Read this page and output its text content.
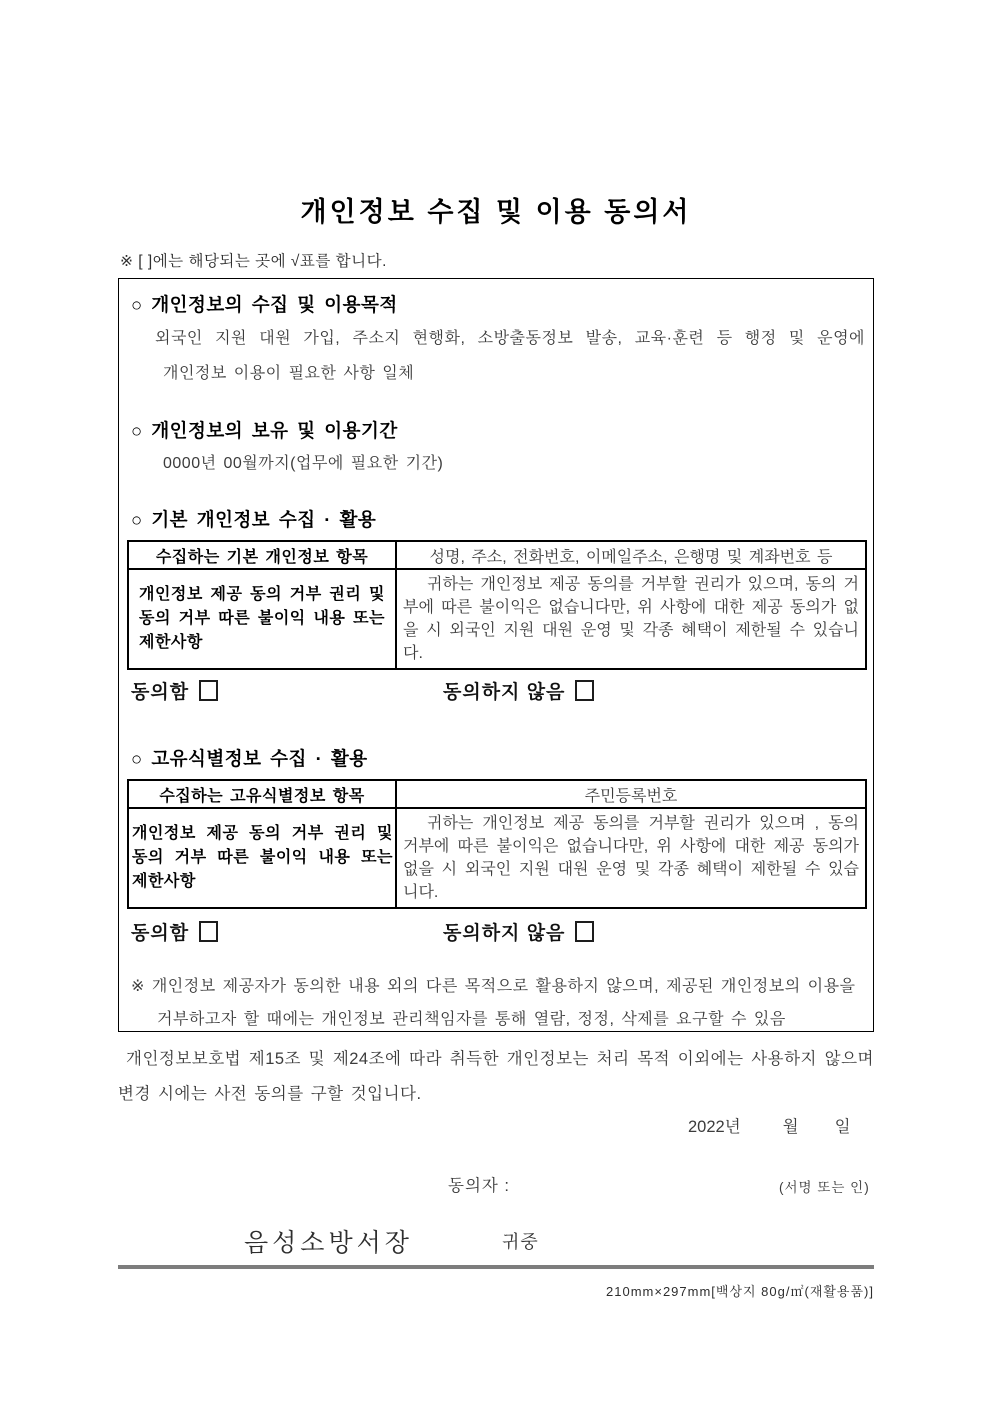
개인정보 수집 및 이용 동의서
※ [ ]에는 해당되는 곳에 √표를 합니다.
○ 개인정보의 수집 및 이용목적
외국인 지원 대원 가입, 주소지 현행화, 소방출동정보 발송, 교육·훈련 등 행정 및 운영에
개인정보 이용이 필요한 사항 일체
○ 개인정보의 보유 및 이용기간
0000년 00월까지(업무에 필요한 기간)
○ 기본 개인정보 수집 · 활용
수집하는 기본 개인정보 항목	성명, 주소, 전화번호, 이메일주소, 은행명 및 계좌번호 등
개인정보 제공 동의 거부 권리 및 동의 거부 따른 불이익 내용 또는 제한사항	귀하는 개인정보 제공 동의를 거부할 권리가 있으며, 동의 거부에 따른 불이익은 없습니다만, 위 사항에 대한 제공 동의가 없을 시 외국인 지원 대원 운영 및 각종 혜택이 제한될 수 있습니다.
동의함	동의하지 않음
○ 고유식별정보 수집 · 활용
수집하는 고유식별정보 항목	주민등록번호
개인정보 제공 동의 거부 권리 및 동의 거부 따른 불이익 내용 또는 제한사항	귀하는 개인정보 제공 동의를 거부할 권리가 있으며 , 동의 거부에 따른 불이익은 없습니다만, 위 사항에 대한 제공 동의가 없을 시 외국인 지원 대원 운영 및 각종 혜택이 제한될 수 있습니다.
동의함	동의하지 않음
※ 개인정보 제공자가 동의한 내용 외의 다른 목적으로 활용하지 않으며, 제공된 개인정보의 이용을
거부하고자 할 때에는 개인정보 관리책임자를 통해 열람, 정정, 삭제를 요구할 수 있음
개인정보보호법 제15조 및 제24조에 따라 취득한 개인정보는 처리 목적 이외에는 사용하지 않으며 변경 시에는 사전 동의를 구할 것입니다.
2022년	월 일
동의자 :	(서명 또는 인)
음성소방서장	귀중
210mm×297mm[백상지 80g/㎡(재활용품)]
